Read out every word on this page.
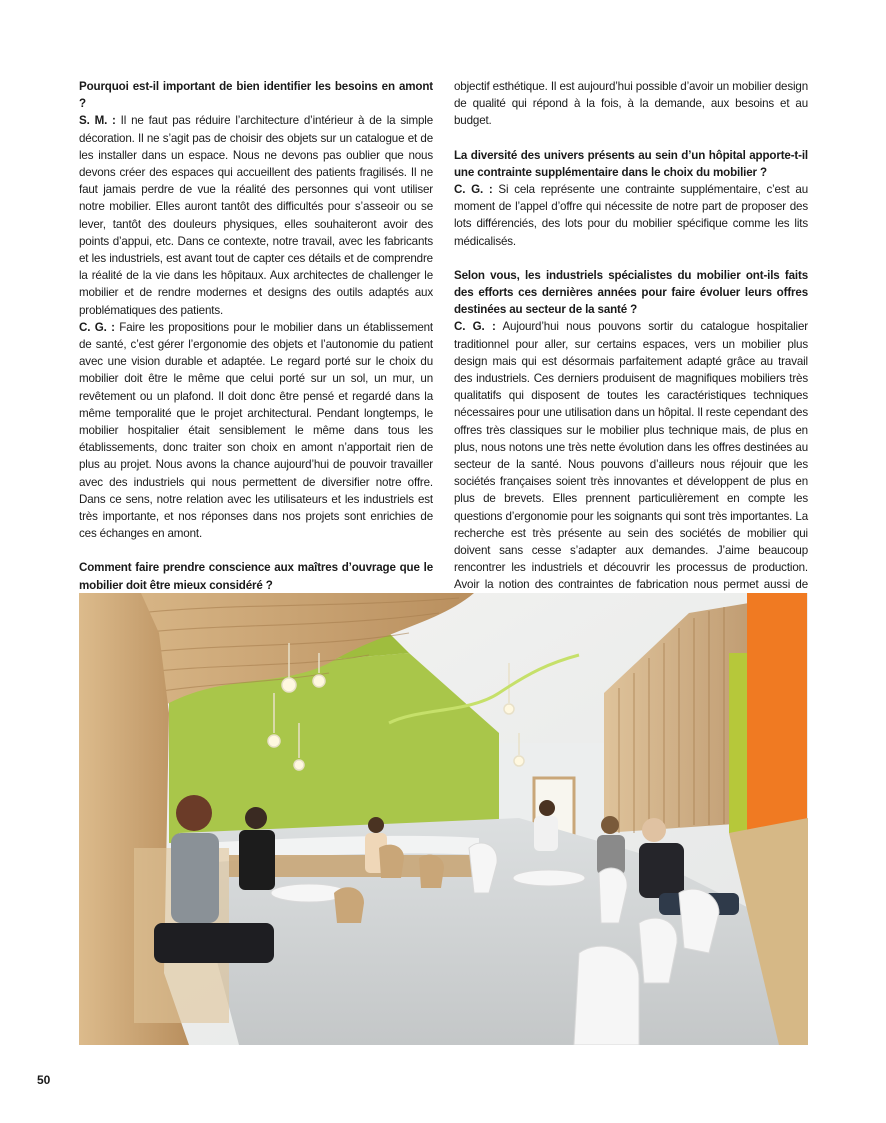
Pourquoi est-il important de bien identifier les besoins en amont ?

S. M. : Il ne faut pas réduire l’architecture d’intérieur à de la simple décoration. Il ne s’agit pas de choisir des objets sur un catalogue et de les installer dans un espace. Nous ne devons pas oublier que nous devons créer des espaces qui accueillent des patients fragilisés. Il ne faut jamais perdre de vue la réalité des personnes qui vont utiliser notre mobilier. Elles auront tantôt des difficultés pour s’asseoir ou se lever, tantôt des douleurs physiques, elles souhaiteront avoir des points d’appui, etc. Dans ce contexte, notre travail, avec les fabricants et les industriels, est avant tout de capter ces détails et de comprendre la réalité de la vie dans les hôpitaux. Aux architectes de challenger le mobilier et de rendre modernes et designs des outils adaptés aux problématiques des patients.

C. G. : Faire les propositions pour le mobilier dans un établissement de santé, c’est gérer l’ergonomie des objets et l’autonomie du patient avec une vision durable et adaptée. Le regard porté sur le choix du mobilier doit être le même que celui porté sur un sol, un mur, un revêtement ou un plafond. Il doit donc être pensé et regardé dans la même temporalité que le projet architectural. Pendant longtemps, le mobilier hospitalier était sensiblement le même dans tous les établissements, donc traiter son choix en amont n’apportait rien de plus au projet. Nous avons la chance aujourd’hui de pouvoir travailler avec des industriels qui nous permettent de diversifier notre offre. Dans ce sens, notre relation avec les utilisateurs et les industriels est très importante, et nos réponses dans nos projets sont enrichies de ces échanges en amont.

Comment faire prendre conscience aux maîtres d’ouvrage que le mobilier doit être mieux considéré ?

objectif esthétique. Il est aujourd’hui possible d’avoir un mobilier design de qualité qui répond à la fois, à la demande, aux besoins et au budget.

La diversité des univers présents au sein d’un hôpital apporte-t-il une contrainte supplémentaire dans le choix du mobilier ?

C. G. : Si cela représente une contrainte supplémentaire, c’est au moment de l’appel d’offre qui nécessite de notre part de proposer des lots différenciés, des lots pour du mobilier spécifique comme les lits médicalisés.

Selon vous, les industriels spécialistes du mobilier ont-ils faits des efforts ces dernières années pour faire évoluer leurs offres destinées au secteur de la santé ?

C. G. : Aujourd’hui nous pouvons sortir du catalogue hospitalier traditionnel pour aller, sur certains espaces, vers un mobilier plus design mais qui est désormais parfaitement adapté grâce au travail des industriels. Ces derniers produisent de magnifiques mobiliers très qualitatifs qui disposent de toutes les caractéristiques techniques nécessaires pour une utilisation dans un hôpital. Il reste cependant des offres très classiques sur le mobilier plus technique mais, de plus en plus, nous notons une très nette évolution dans les offres destinées au secteur de la santé. Nous pouvons d’ailleurs nous réjouir que les sociétés françaises soient très innovantes et développent de plus en plus de brevets. Elles prennent particulièrement en compte les questions d’ergonomie pour les soignants qui sont très importantes. La recherche est très présente au sein des sociétés de mobilier qui doivent sans cesse s’adapter aux demandes. J’aime beaucoup rencontrer les industriels et découvrir les processus de production. Avoir la notion des contraintes de fabrication nous permet aussi de

50
